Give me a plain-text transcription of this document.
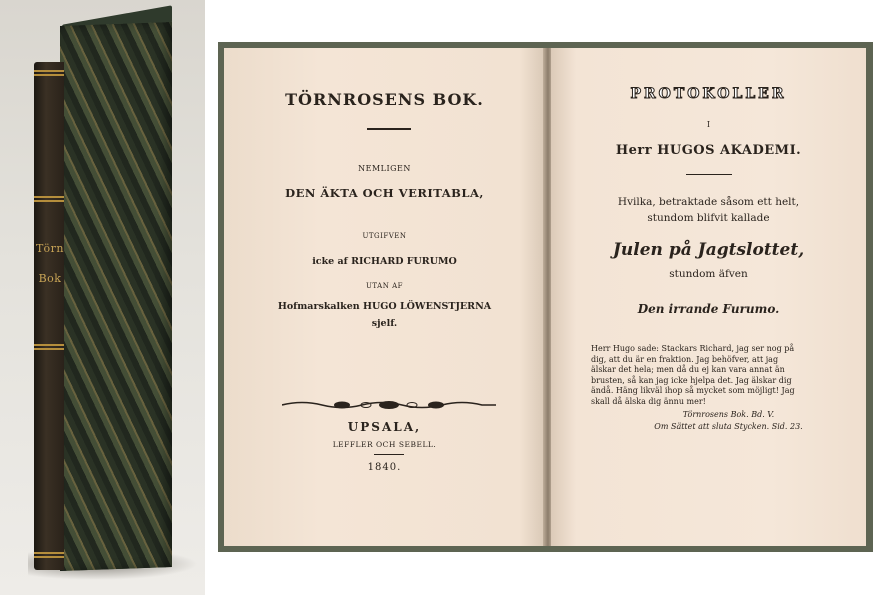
Törn
Bok
TÖRNROSENS BOK.
NEMLIGEN
DEN ÄKTA OCH VERITABLA,
UTGIFVEN
icke af RICHARD FURUMO
UTAN AF
Hofmarskalken HUGO LÖWENSTJERNA
sjelf.
UPSALA,
LEFFLER OCH SEBELL.
1840.
PROTOKOLLER
I
Herr HUGOS AKADEMI.
Hvilka, betraktade såsom ett helt,
stundom blifvit kallade
Julen på Jagtslottet,
stundom äfven
Den irrande Furumo.
Herr Hugo sade: Stackars Richard, jag ser nog på
dig, att du är en fraktion. Jag behöfver, att jag
älskar det hela; men då du ej kan vara annat än
brusten, så kan jag icke hjelpa det. Jag älskar dig
ändå. Häng likväl ihop så mycket som möjligt! Jag
skall då älska dig ännu mer!
Törnrosens Bok. Bd. V.
Om Sättet att sluta Stycken. Sid. 23.
